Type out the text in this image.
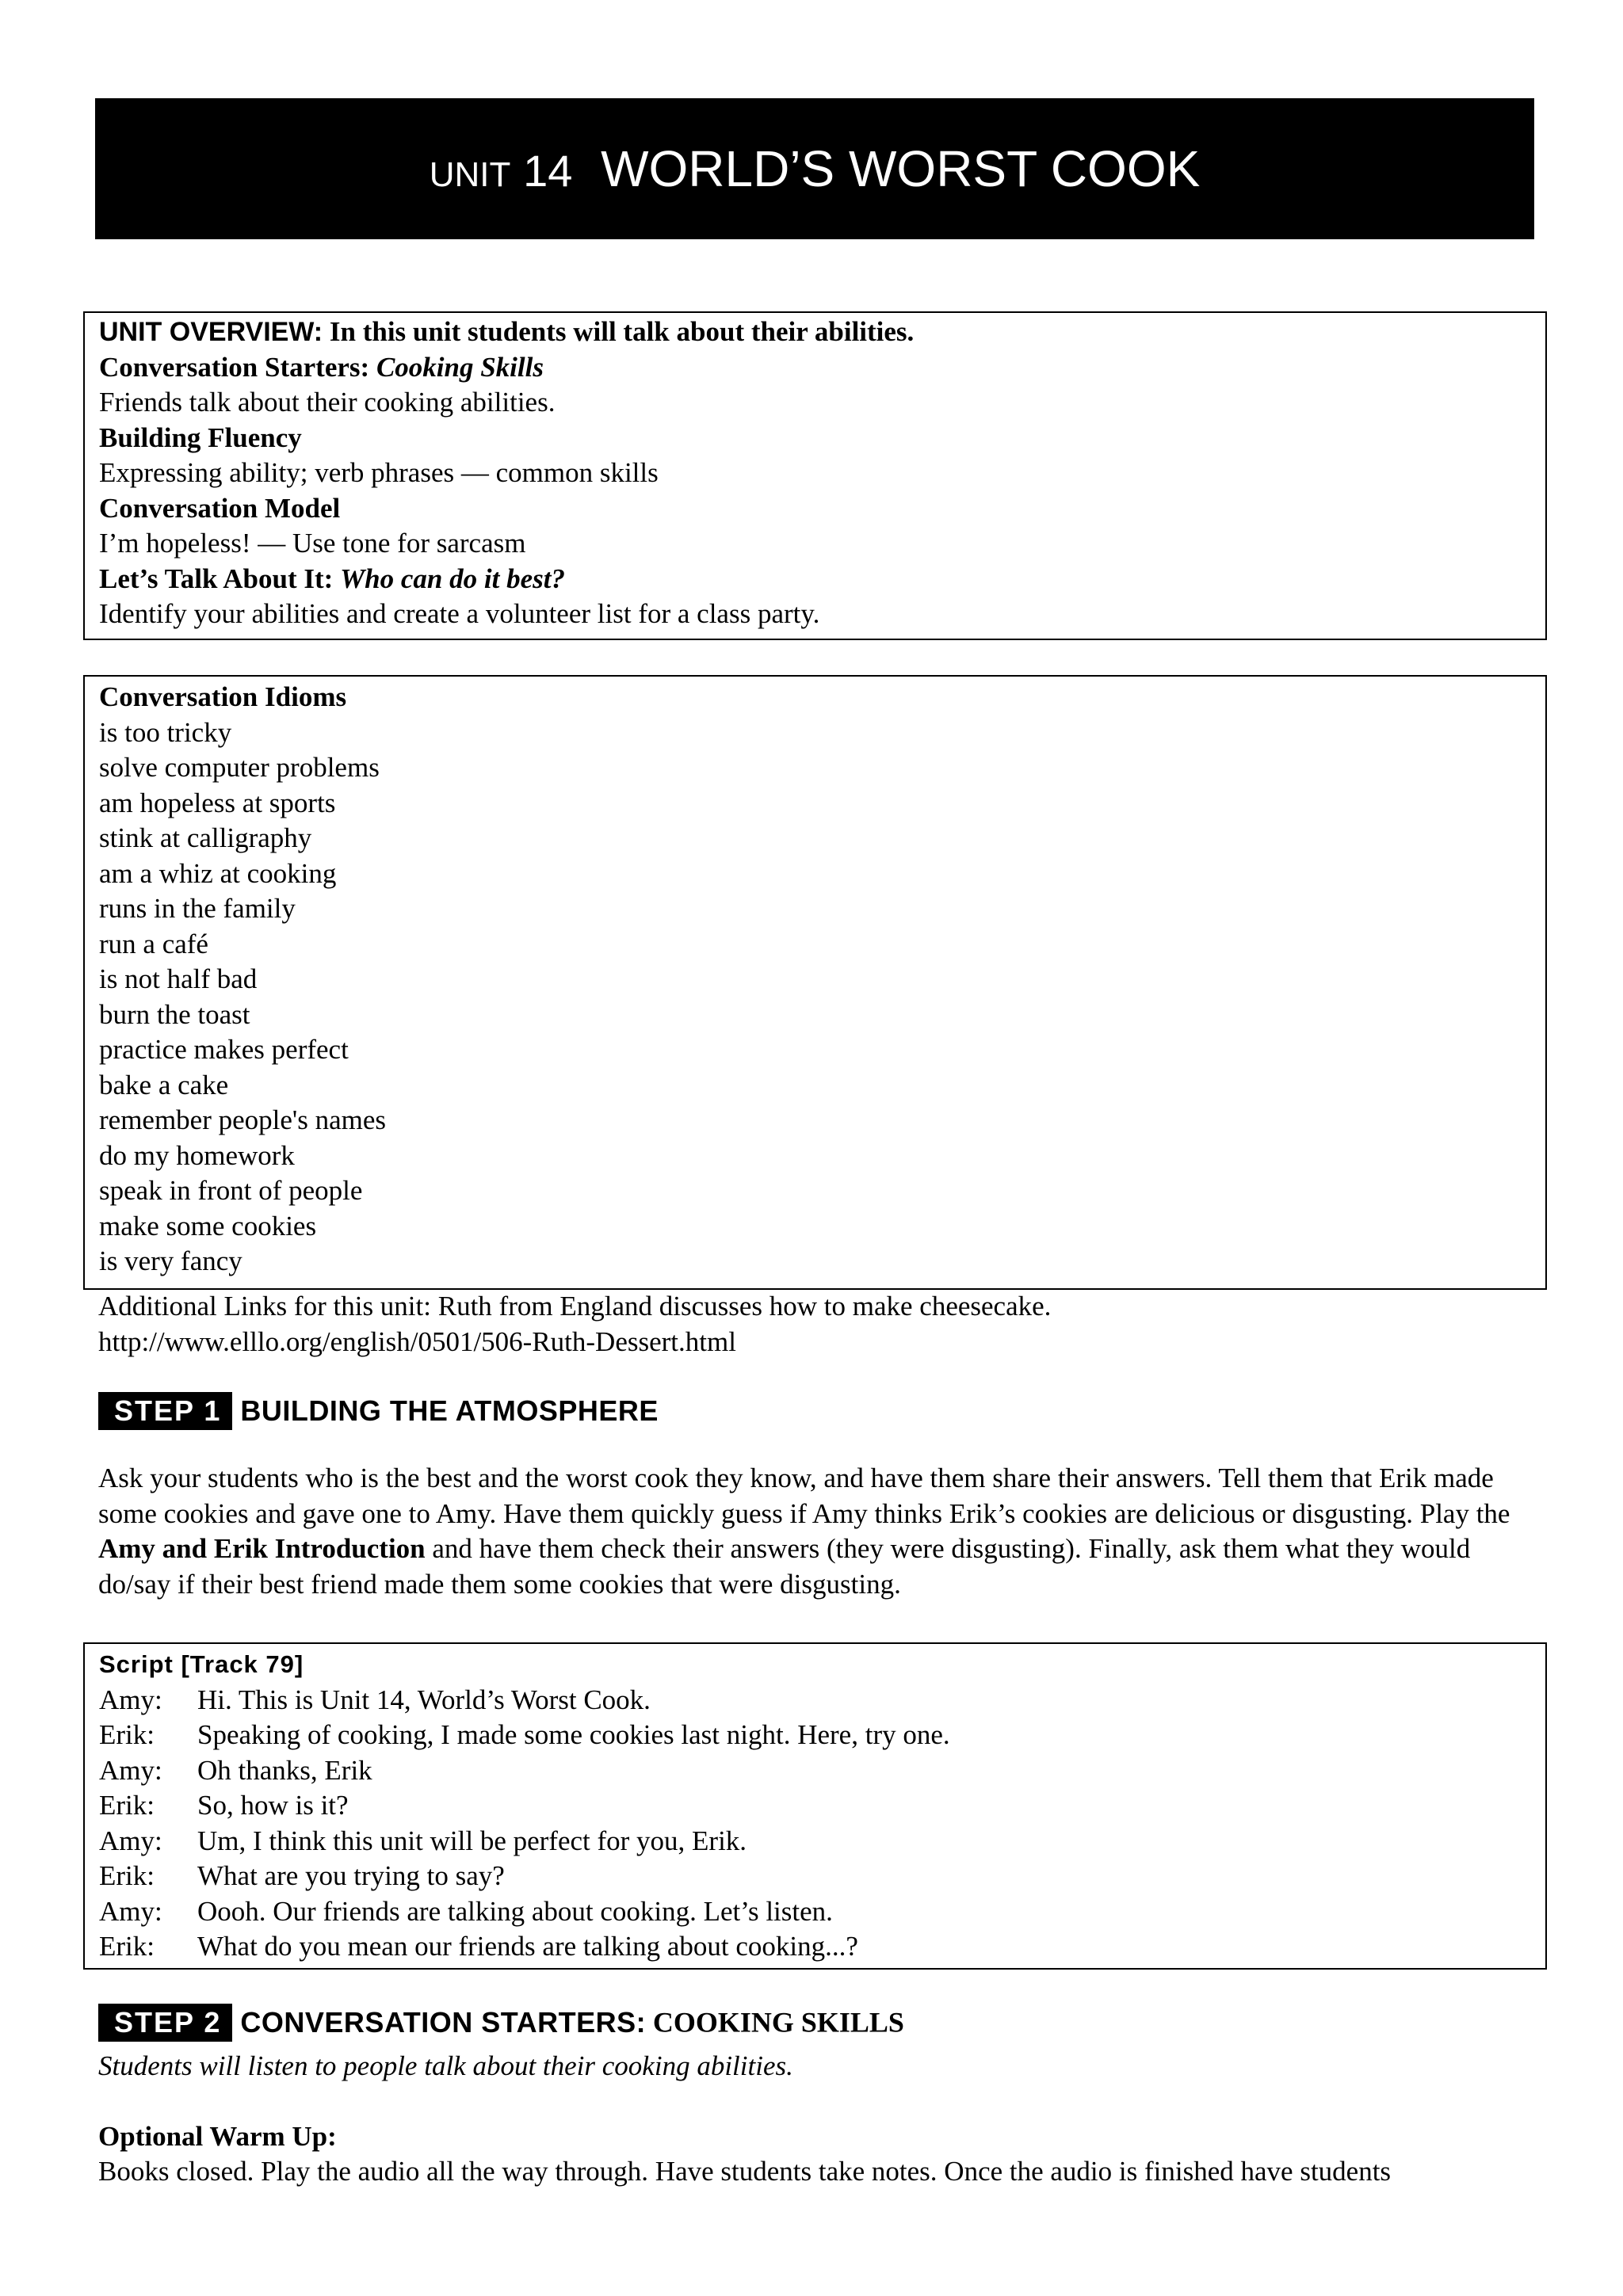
UNIT 14 WORLD’S WORST COOK
UNIT OVERVIEW: In this unit students will talk about their abilities.
Conversation Starters: Cooking Skills
Friends talk about their cooking abilities.
Building Fluency
Expressing ability; verb phrases — common skills
Conversation Model
I’m hopeless! — Use tone for sarcasm
Let’s Talk About It: Who can do it best?
Identify your abilities and create a volunteer list for a class party.
Conversation Idioms
is too tricky
solve computer problems
am hopeless at sports
stink at calligraphy
am a whiz at cooking
runs in the family
run a café
is not half bad
burn the toast
practice makes perfect
bake a cake
remember people's names
do my homework
speak in front of people
make some cookies
is very fancy
Additional Links for this unit: Ruth from England discusses how to make cheesecake.
http://www.elllo.org/english/0501/506-Ruth-Dessert.html
STEP 1 BUILDING THE ATMOSPHERE
Ask your students who is the best and the worst cook they know, and have them share their answers. Tell them that Erik made some cookies and gave one to Amy. Have them quickly guess if Amy thinks Erik’s cookies are delicious or disgusting. Play the Amy and Erik Introduction and have them check their answers (they were disgusting). Finally, ask them what they would do/say if their best friend made them some cookies that were disgusting.
Script [Track 79]
Amy: Hi. This is Unit 14, World’s Worst Cook.
Erik: Speaking of cooking, I made some cookies last night. Here, try one.
Amy: Oh thanks, Erik
Erik: So, how is it?
Amy: Um, I think this unit will be perfect for you, Erik.
Erik: What are you trying to say?
Amy: Oooh. Our friends are talking about cooking. Let’s listen.
Erik: What do you mean our friends are talking about cooking...?
STEP 2 CONVERSATION STARTERS: COOKING SKILLS
Students will listen to people talk about their cooking abilities.
Optional Warm Up:
Books closed. Play the audio all the way through. Have students take notes. Once the audio is finished have students
